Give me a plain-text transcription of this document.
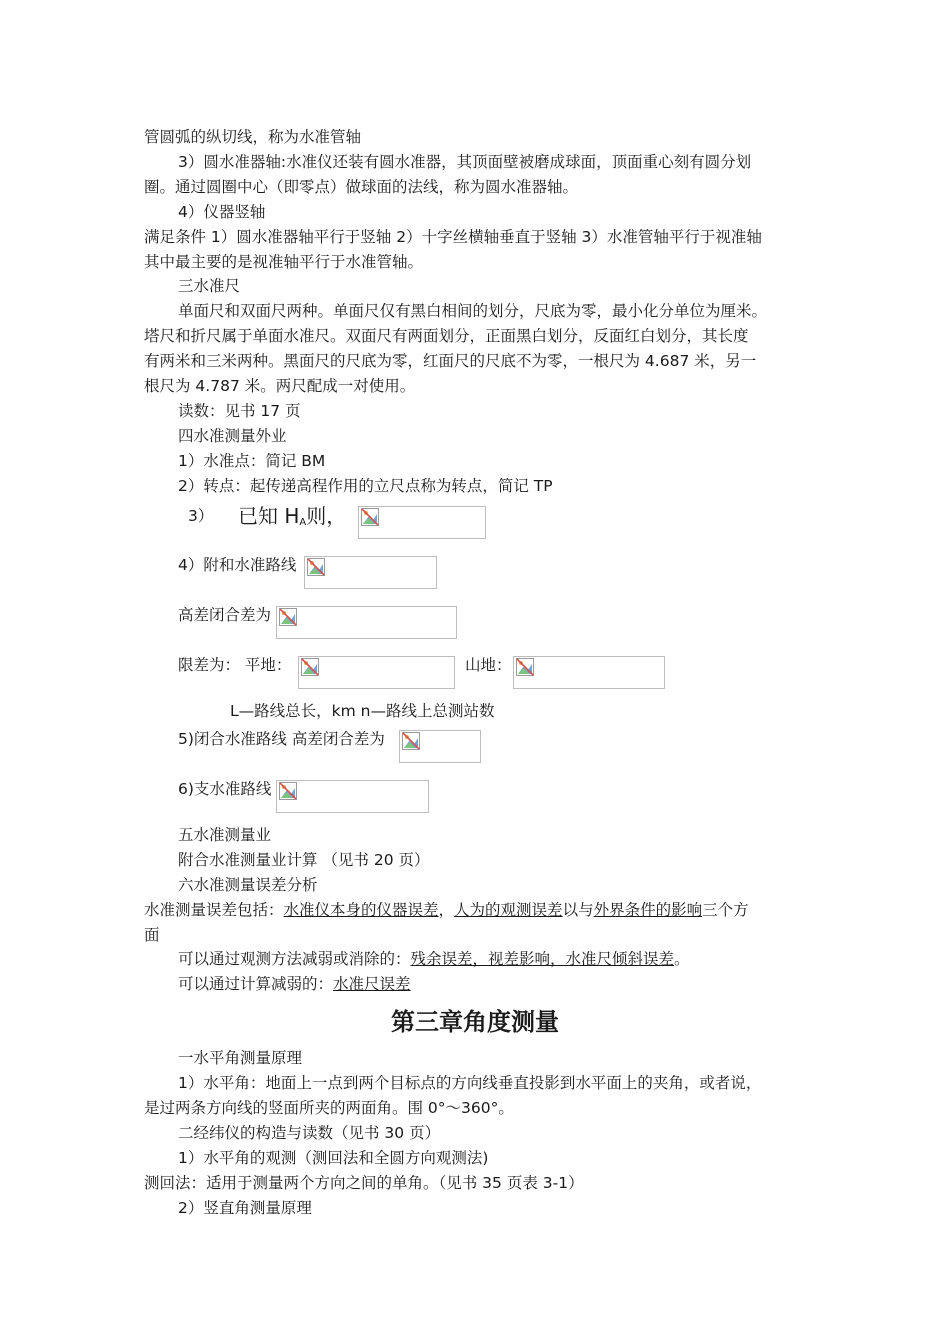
管圆弧的纵切线，称为水准管轴
3）圆水准器轴:水准仪还装有圆水准器，其顶面壁被磨成球面，顶面重心刻有圆分划
圈。通过圆圈中心（即零点）做球面的法线，称为圆水准器轴。
4）仪器竖轴
满足条件 1）圆水准器轴平行于竖轴 2）十字丝横轴垂直于竖轴 3）水准管轴平行于视准轴
其中最主要的是视准轴平行于水准管轴。
三水准尺
单面尺和双面尺两种。单面尺仅有黑白相间的划分，尺底为零，最小化分单位为厘米。
塔尺和折尺属于单面水准尺。双面尺有两面划分，正面黑白划分，反面红白划分，其长度
有两米和三米两种。黑面尺的尺底为零，红面尺的尺底不为零，一根尺为 4.687 米，另一
根尺为 4.787 米。两尺配成一对使用。
读数：见书 17 页
四水准测量外业
1）水准点：简记 BM
2）转点：起传递高程作用的立尺点称为转点，简记 TP
3） 已知 $H_A$则，
4）附和水准路线
高差闭合差为
限差为： 平地：	山地：
L—路线总长，km n—路线上总测站数
5)闭合水准路线 高差闭合差为
6)支水准路线
五水准测量业
附合水准测量业计算 （见书 20 页）
六水准测量误差分析
水准测量误差包括：水准仪本身的仪器误差，人为的观测误差以与外界条件的影响三个方
面
可以通过观测方法减弱或消除的：残余误差，视差影响，水准尺倾斜误差。
可以通过计算减弱的：水准尺误差
第三章角度测量
一水平角测量原理
1）水平角：地面上一点到两个目标点的方向线垂直投影到水平面上的夹角，或者说，
是过两条方向线的竖面所夹的两面角。围 0°～360°。
二经纬仪的构造与读数（见书 30 页）
1）水平角的观测（测回法和全圆方向观测法)
测回法：适用于测量两个方向之间的单角。（见书 35 页表 3-1）
2）竖直角测量原理
